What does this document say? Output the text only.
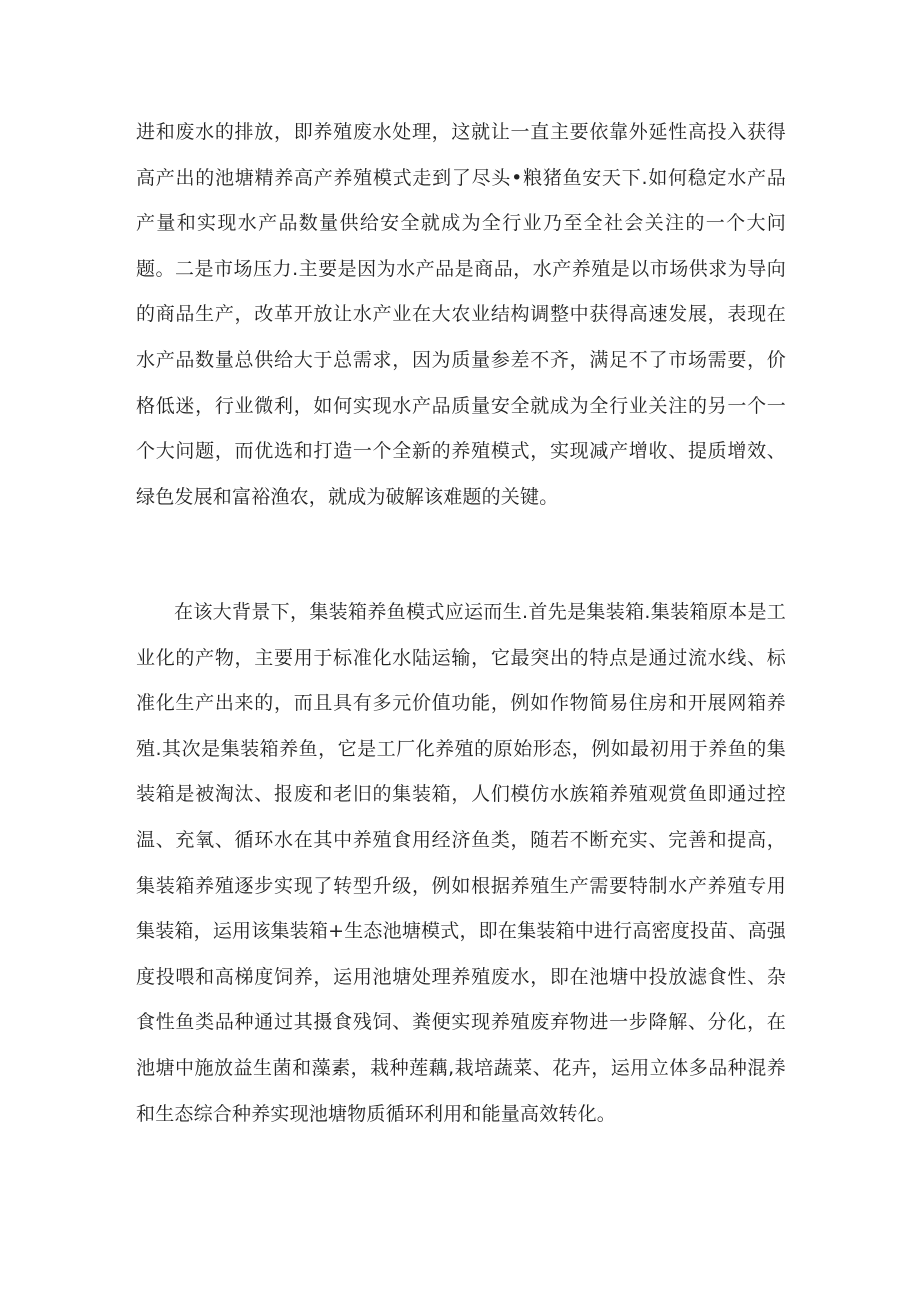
进和废水的排放，即养殖废水处理，这就让一直主要依靠外延性高投入获得高产出的池塘精养高产养殖模式走到了尽头•粮猪鱼安天下.如何稳定水产品产量和实现水产品数量供给安全就成为全行业乃至全社会关注的一个大问题。二是市场压力.主要是因为水产品是商品，水产养殖是以市场供求为导向的商品生产，改革开放让水产业在大农业结构调整中获得高速发展，表现在水产品数量总供给大于总需求，因为质量参差不齐，满足不了市场需要，价格低迷，行业微利，如何实现水产品质量安全就成为全行业关注的另一个一个大问题，而优选和打造一个全新的养殖模式，实现减产增收、提质增效、绿色发展和富裕渔农，就成为破解该难题的关键。

在该大背景下，集装箱养鱼模式应运而生.首先是集装箱.集装箱原本是工业化的产物，主要用于标准化水陆运输，它最突出的特点是通过流水线、标准化生产出来的，而且具有多元价值功能，例如作物简易住房和开展网箱养殖.其次是集装箱养鱼，它是工厂化养殖的原始形态，例如最初用于养鱼的集装箱是被淘汰、报废和老旧的集装箱，人们模仿水族箱养殖观赏鱼即通过控温、充氧、循环水在其中养殖食用经济鱼类，随若不断充实、完善和提高，集装箱养殖逐步实现了转型升级，例如根据养殖生产需要特制水产养殖专用集装箱，运用该集装箱+生态池塘模式，即在集装箱中进行高密度投苗、高强度投喂和高梯度饲养，运用池塘处理养殖废水，即在池塘中投放滤食性、杂食性鱼类品种通过其摄食残饲、粪便实现养殖废弃物进一步降解、分化，在池塘中施放益生菌和藻素，栽种莲藕,栽培蔬菜、花卉，运用立体多品种混养和生态综合种养实现池塘物质循环利用和能量高效转化。
